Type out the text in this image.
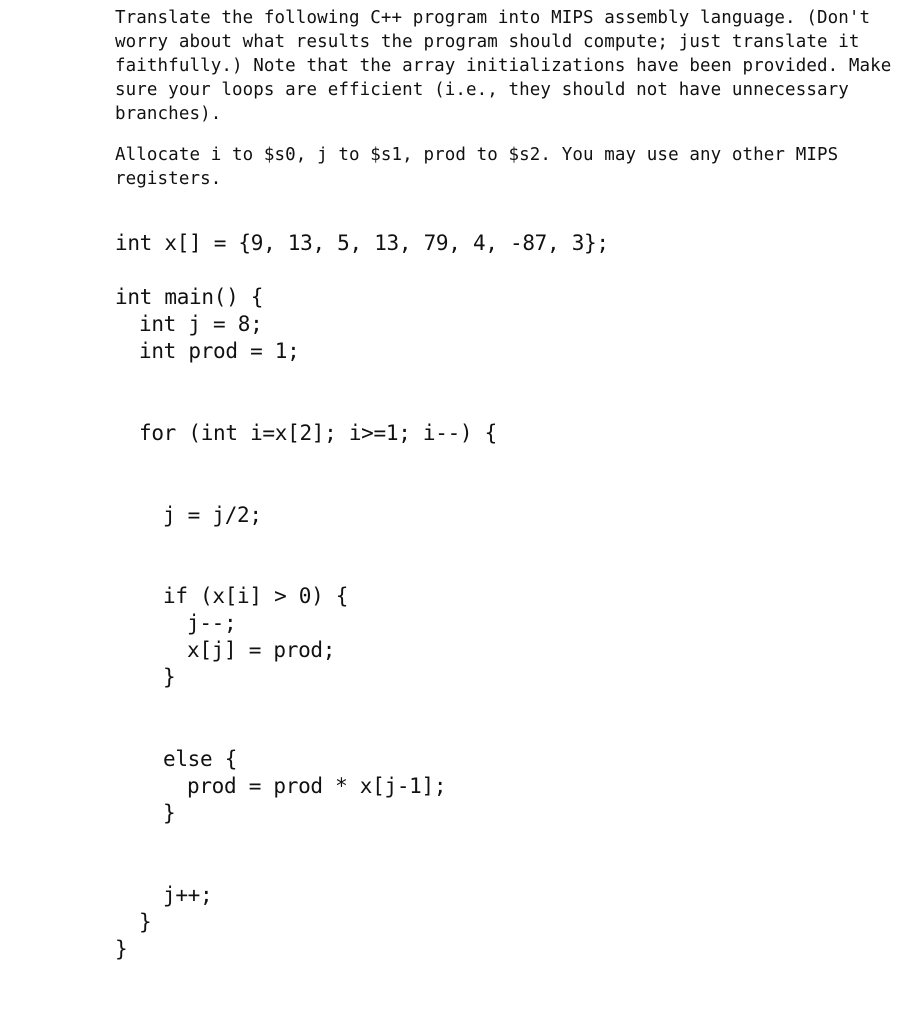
Translate the following C++ program into MIPS assembly language. (Don't worry about what results the program should compute; just translate it faithfully.) Note that the array initializations have been provided. Make sure your loops are efficient (i.e., they should not have unnecessary branches).

Allocate i to $s0, j to $s1, prod to $s2. You may use any other MIPS registers.

int x[] = {9, 13, 5, 13, 79, 4, -87, 3};
int main() {
int j = 8;
int prod = 1;
for (int i=x[2]; i>=1; i--) {
j = j/2;
if (x[i] > 0) {
j--;
x[j] = prod;
}
else {
prod = prod * x[j-1];
}
j++;
}
}
